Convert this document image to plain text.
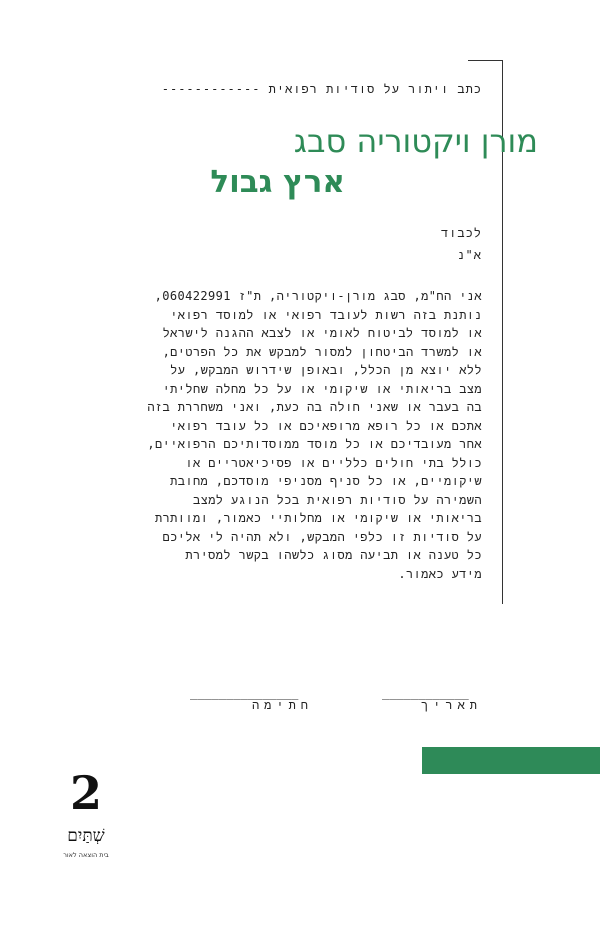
כתב ויתור על סודיות רפואית ------------
מורן ויקטוריה סבג
ארץ גבול
לכבוד
א"נ
אני הח"מ, סבג מורן-ויקטוריה, ת"ז 060422991,
נותנת בזה רשות לעובד רפואי או למוסד רפואי
או למוסד לביטוח לאומי או לצבא ההגנה לישראל
או למשרד הביטחון למסור למבקש את כל הפרטים,
ללא יוצא מן הכלל, ובאופן שידרוש המבקש, על
מצב בריאותי או שיקומי או על כל מחלה שחליתי
בה בעבר או שאני חולה בה כעת, ואני משחררת בזה
אתכם או כל רופא מרופאיכם או כל עובד רפואי
אחר מעובדיכם או כל מוסד ממוסדותיכם הרפואיים,
כולל בתי חולים כלליים או פסיכיאטריים או
שיקומיים, או כל סניף מסניפי מוסדכם, מחובת
השמירה על סודיות רפואית בכל הנוגע למצב
בריאותי או שיקומי או מחלותיי כאמור, ומוותרת
על סודיות זו כלפי המבקש, ולא תהיה לי אליכם
כל טענה או תביעה מסוג כלשהו בקשר למסירת
מידע כאמור.
____________
תאריך
_______________
חתימה
2
שְׁתַּיִם
בית הוצאה לאור
